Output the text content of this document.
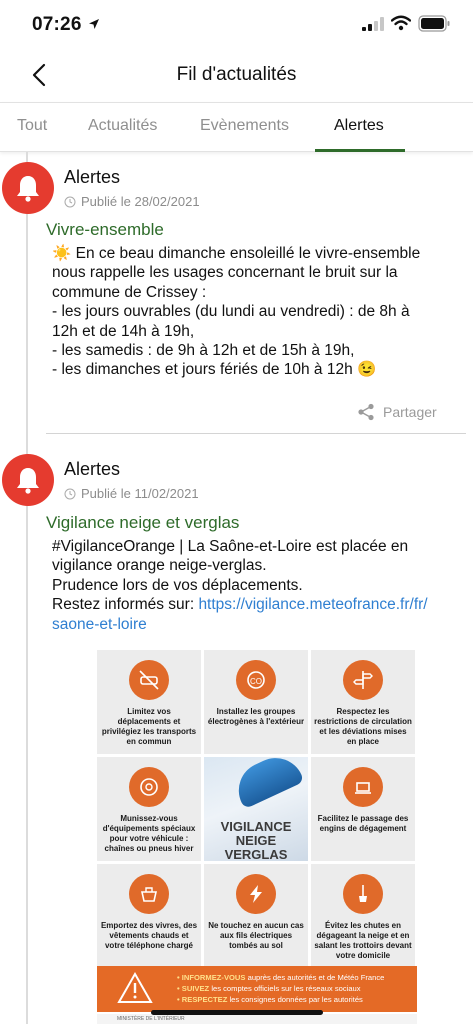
07:26
Fil d'actualités
Tout	Actualités	Evènements	Alertes
Alertes
Publié le 28/02/2021
Vivre-ensemble

☀️ En ce beau dimanche ensoleillé le vivre-ensemble

nous rappelle les usages concernant le bruit sur la

commune de Crissey :

- les jours ouvrables (du lundi au vendredi) : de 8h à

12h et de 14h à 19h,

- les samedis : de 9h à 12h et de 15h à 19h,

- les dimanches et jours fériés de 10h à 12h 😉

Partager
Alertes
Publié le 11/02/2021
Vigilance neige et verglas

#VigilanceOrange | La Saône-et-Loire est placée en

vigilance orange neige-verglas.

Prudence lors de vos déplacements.

Restez informés sur: https://vigilance.meteofrance.fr/fr/

saone-et-loire

Limitez vos déplacements et privilégiez les transports en commun
CO
Installez les groupes électrogènes à l'extérieur
Respectez les restrictions de circulation et les déviations mises en place
Munissez-vous d'équipements spéciaux pour votre véhicule : chaînes ou pneus hiver
VIGILANCE
NEIGE
VERGLAS
Facilitez le passage des engins de dégagement
Emportez des vivres, des vêtements chauds et votre téléphone chargé
Ne touchez en aucun cas aux fils électriques tombés au sol
Évitez les chutes en dégageant la neige et en salant les trottoirs devant votre domicile
• INFORMEZ-VOUS auprès des autorités et de Météo France
• SUIVEZ les comptes officiels sur les réseaux sociaux
• RESPECTEZ les consignes données par les autorités
MINISTÈRE DE L'INTÉRIEUR
